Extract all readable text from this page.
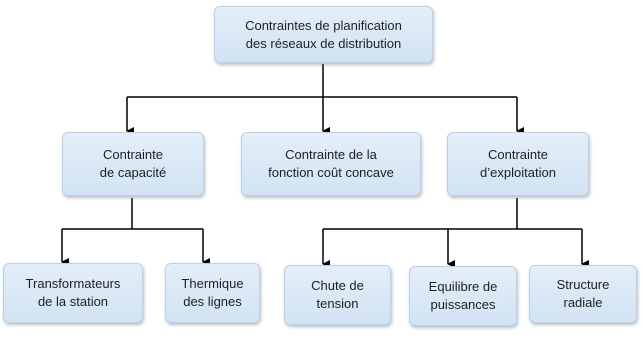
Contraintes de planification
des réseaux de distribution
Contrainte
de capacité
Contrainte de la
fonction coût concave
Contrainte
d’exploitation
Transformateurs
de la station
Thermique
des lignes
Chute de
tension
Equilibre de
puissances
Structure
radiale
